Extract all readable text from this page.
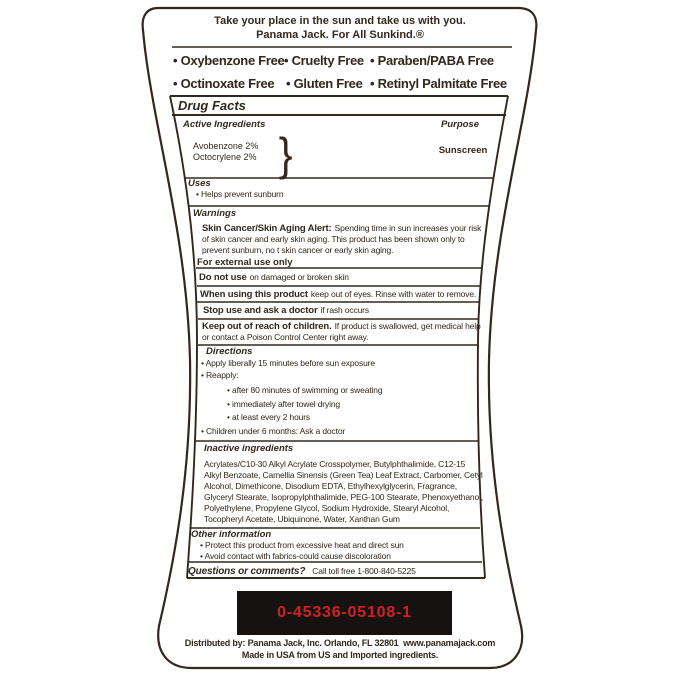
Take your place in the sun and take us with you.
Panama Jack. For All Sunkind.®
• Oxybenzone Free • Cruelty Free	• Paraben/PABA Free
• Octinoxate Free	• Gluten Free	• Retinyl Palmitate Free
Drug Facts
Active Ingredients	Purpose
Avobenzone 2%
Octocrylene 2% }	Sunscreen
Uses
• Helps prevent sunburn
Warnings
Skin Cancer/Skin Aging Alert: Spending time in sun increases your risk of skin cancer and early skin aging. This product has been shown only to prevent sunburn, no t skin cancer or early skin aging.
For external use only
Do not use on damaged or broken skin
When using this product keep out of eyes. Rinse with water to remove.
Stop use and ask a doctor if rash occurs
Keep out of reach of children. If product is swallowed, get medical help or contact a Poison Control Center right away.
Directions
• Apply liberally 15 minutes before sun exposure
• Reapply:
• after 80 minutes of swimming or sweating
• immediately after towel drying
• at least every 2 hours
• Children under 6 months: Ask a doctor
Inactive ingredients
Acrylates/C10-30 Alkyl Acrylate Crosspolymer, Butylphthalimide, C12-15 Alkyl Benzoate, Camellia Sinensis (Green Tea) Leaf Extract, Carbomer, Cetyl Alcohol, Dimethicone, Disodium EDTA, Ethylhexylglycerin, Fragrance, Glyceryl Stearate, Isopropylphthalimide, PEG-100 Stearate, Phenoxyethanol, Polyethylene, Propylene Glycol, Sodium Hydroxide, Stearyl Alcohol, Tocopheryl Acetate, Ubiquinone, Water, Xanthan Gum
Other information
• Protect this product from excessive heat and direct sun
• Avoid contact with fabrics-could cause discoloration
Questions or comments? Call toll free 1-800-840-5225
0-45336-05108-1
Distributed by: Panama Jack, Inc. Orlando, FL 32801  www.panamajack.com
Made in USA from US and Imported ingredients.
